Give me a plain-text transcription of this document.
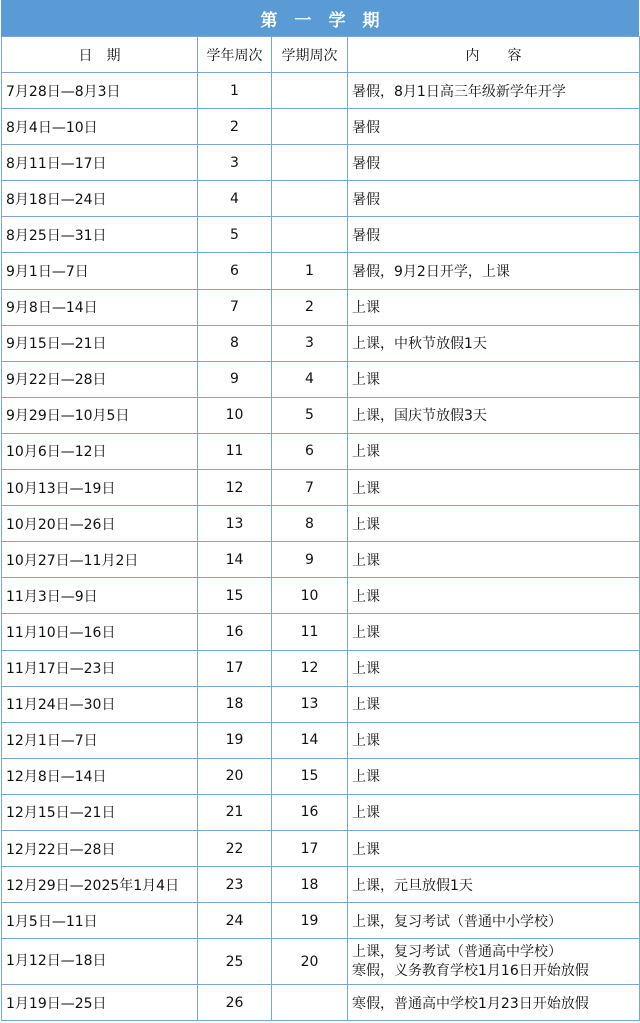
第　一　学　期
日　期	学年周次	学期周次	内　　容
7月28日—8月3日	1		暑假，8月1日高三年级新学年开学
8月4日—10日	2		暑假
8月11日—17日	3		暑假
8月18日—24日	4		暑假
8月25日—31日	5		暑假
9月1日—7日	6	1	暑假，9月2日开学，上课
9月8日—14日	7	2	上课
9月15日—21日	8	3	上课，中秋节放假1天
9月22日—28日	9	4	上课
9月29日—10月5日	10	5	上课，国庆节放假3天
10月6日—12日	11	6	上课
10月13日—19日	12	7	上课
10月20日—26日	13	8	上课
10月27日—11月2日	14	9	上课
11月3日—9日	15	10	上课
11月10日—16日	16	11	上课
11月17日—23日	17	12	上课
11月24日—30日	18	13	上课
12月1日—7日	19	14	上课
12月8日—14日	20	15	上课
12月15日—21日	21	16	上课
12月22日—28日	22	17	上课
12月29日—2025年1月4日	23	18	上课，元旦放假1天
1月5日—11日	24	19	上课，复习考试（普通中小学校）
1月12日—18日	25	20	上课，复习考试（普通高中学校）
寒假，义务教育学校1月16日开始放假
1月19日—25日	26		寒假，普通高中学校1月23日开始放假
